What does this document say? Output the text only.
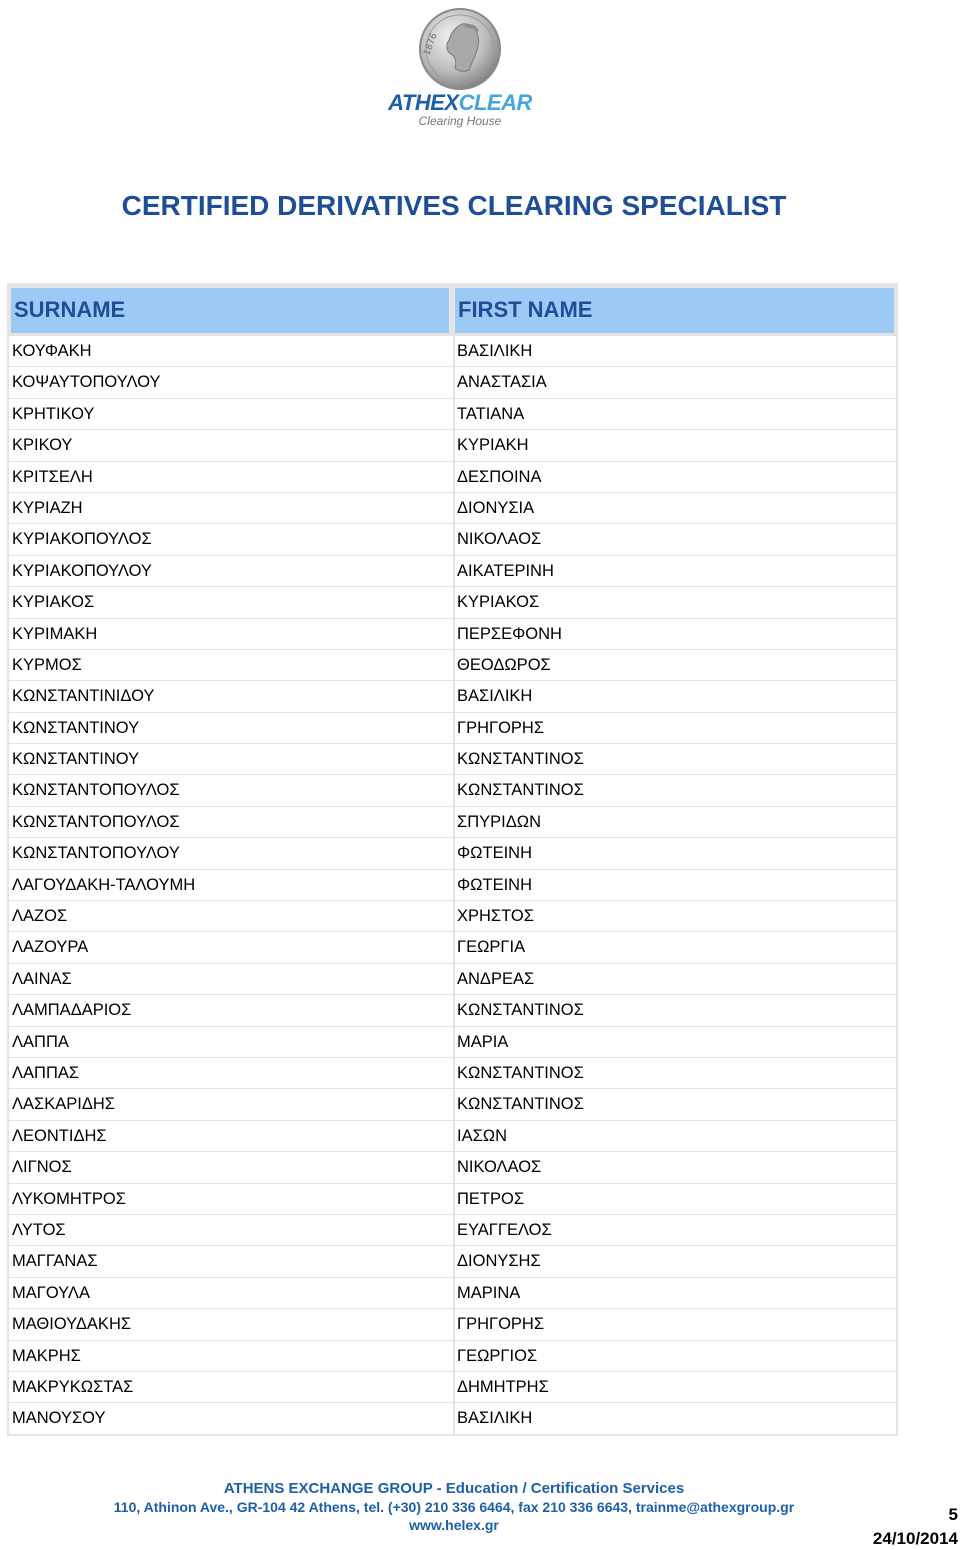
1876
ATHEXCLEAR
Clearing House
CERTIFIED DERIVATIVES CLEARING SPECIALIST
SURNAME	FIRST NAME
ΚΟΥΦΑΚΗ	ΒΑΣΙΛΙΚΗ
ΚΟΨΑΥΤΟΠΟΥΛΟΥ	ΑΝΑΣΤΑΣΙΑ
ΚΡΗΤΙΚΟΥ	ΤΑΤΙΑΝΑ
ΚΡΙΚΟΥ	ΚΥΡΙΑΚΗ
ΚΡΙΤΣΕΛΗ	ΔΕΣΠΟΙΝΑ
ΚΥΡΙΑΖΗ	ΔΙΟΝΥΣΙΑ
ΚΥΡΙΑΚΟΠΟΥΛΟΣ	ΝΙΚΟΛΑΟΣ
ΚΥΡΙΑΚΟΠΟΥΛΟΥ	ΑΙΚΑΤΕΡΙΝΗ
ΚΥΡΙΑΚΟΣ	ΚΥΡΙΑΚΟΣ
ΚΥΡΙΜΑΚΗ	ΠΕΡΣΕΦΟΝΗ
ΚΥΡΜΟΣ	ΘΕΟΔΩΡΟΣ
ΚΩΝΣΤΑΝΤΙΝΙΔΟΥ	ΒΑΣΙΛΙΚΗ
ΚΩΝΣΤΑΝΤΙΝΟΥ	ΓΡΗΓΟΡΗΣ
ΚΩΝΣΤΑΝΤΙΝΟΥ	ΚΩΝΣΤΑΝΤΙΝΟΣ
ΚΩΝΣΤΑΝΤΟΠΟΥΛΟΣ	ΚΩΝΣΤΑΝΤΙΝΟΣ
ΚΩΝΣΤΑΝΤΟΠΟΥΛΟΣ	ΣΠΥΡΙΔΩΝ
ΚΩΝΣΤΑΝΤΟΠΟΥΛΟΥ	ΦΩΤΕΙΝΗ
ΛΑΓΟΥΔΑΚΗ-ΤΑΛΟΥΜΗ	ΦΩΤΕΙΝΗ
ΛΑΖΟΣ	ΧΡΗΣΤΟΣ
ΛΑΖΟΥΡΑ	ΓΕΩΡΓΙΑ
ΛΑΙΝΑΣ	ΑΝΔΡΕΑΣ
ΛΑΜΠΑΔΑΡΙΟΣ	ΚΩΝΣΤΑΝΤΙΝΟΣ
ΛΑΠΠΑ	ΜΑΡΙΑ
ΛΑΠΠΑΣ	ΚΩΝΣΤΑΝΤΙΝΟΣ
ΛΑΣΚΑΡΙΔΗΣ	ΚΩΝΣΤΑΝΤΙΝΟΣ
ΛΕΟΝΤΙΔΗΣ	ΙΑΣΩΝ
ΛΙΓΝΟΣ	ΝΙΚΟΛΑΟΣ
ΛΥΚΟΜΗΤΡΟΣ	ΠΕΤΡΟΣ
ΛΥΤΟΣ	ΕΥΑΓΓΕΛΟΣ
ΜΑΓΓΑΝΑΣ	ΔΙΟΝΥΣΗΣ
ΜΑΓΟΥΛΑ	ΜΑΡΙΝΑ
ΜΑΘΙΟΥΔΑΚΗΣ	ΓΡΗΓΟΡΗΣ
ΜΑΚΡΗΣ	ΓΕΩΡΓΙΟΣ
ΜΑΚΡΥΚΩΣΤΑΣ	ΔΗΜΗΤΡΗΣ
ΜΑΝΟΥΣΟΥ	ΒΑΣΙΛΙΚΗ
ATHENS EXCHANGE GROUP - Education / Certification Services
110, Athinon Ave., GR-104 42 Athens, tel. (+30) 210 336 6464, fax 210 336 6643, trainme@athexgroup.gr
www.helex.gr
5
24/10/2014
